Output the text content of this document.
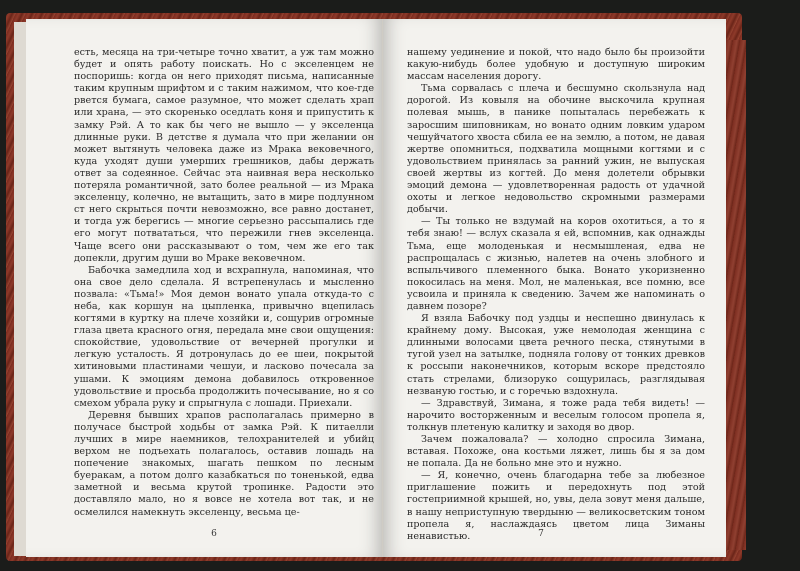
есть, месяца на три-четыре точно хватит, а уж там можно будет и опять работу поискать. Но с экселенцем не поспоришь: когда он него приходят письма, написанные таким крупным шрифтом и с таким нажимом, что кое-где рвется бумага, самое разумное, что может сделать храп или храна, — это скоренько оседлать коня и припустить к замку Рэй. А то как бы чего не вышло — у экселенца длинные руки. В детстве я думала что при желании он может вытянуть человека даже из Мрака вековечного, куда уходят души умерших грешников, дабы держать ответ за содеянное. Сейчас эта наивная вера несколько потеряла романтичной, зато более реальной — из Мрака экселенцу, колечно, не вытащить, зато в мире подлунном ст него скрыться почти невозможно, все равно достанет, и тогда уж берегись — многие серьезно рассыпались где его могут потвататься, что пережили гнев экселенца. Чаще всего они рассказывают о том, чем же его так допекли, другим души во Мраке вековечном.

Бабочка замедлила ход и всхрапнула, напоминая, что она свое дело сделала. Я встрепенулась и мысленно позвала: «Тьма!» Моя демон вонато упала откуда-то с неба, как коршун на цыпленка, привычно вцепилась когтями в куртку на плече хозяйки и, сощурив огромные глаза цвета красного огня, передала мне свои ощущения: спокойствие, удовольствие от вечерней прогулки и легкую усталость. Я дотронулась до ее шеи, покрытой хитиновыми пластинами чешуи, и ласково почесала за ушами. К эмоциям демона добавилось откровенное удовольствие и просьба продолжить почесывание, но я со смехом убрала руку и спрыгнула с лошади. Приехали.

Деревня бывших храпов располагалась примерно в получасе быстрой ходьбы от замка Рэй. К питаелли лучших в мире наемников, телохранителей и убийц верхом не подъехать полагалось, оставив лошадь на попечение знакомых, шагать пешком по лесным буеракам, а потом долго казабкаться по тоненькой, едва заметной и весьма крутой тропинке. Радости это доставляло мало, но я вовсе не хотела вот так, и не осмелился намекнуть экселенцу, весьма це-

6

нашему уединение и покой, что надо было бы произойти какую-нибудь более удобную и доступную широким массам населения дорогу.

Тьма сорвалась с плеча и бесшумно скользнула над дорогой. Из ковыля на обочине выскочила крупная полевая мышь, в панике попыталась перебежать к заросшим шиповникам, но вонато одним ловким ударом чешуйчатого хвоста сбила ее на землю, а потом, не давая жертве опомниться, подхватила мощными когтями и с удовольствием принялась за ранний ужин, не выпуская своей жертвы из когтей. До меня долетели обрывки эмоций демона — удовлетворенная радость от удачной охоты и легкое недовольство скромными размерами добычи.

— Ты только не вздумай на коров охотиться, а то я тебя знаю! — вслух сказала я ей, вспомнив, как однажды Тьма, еще молоденькая и несмышленая, едва не распрощалась с жизнью, налетев на очень злобного и вспыльчивого племенного быка. Вонато укоризненно покосилась на меня. Мол, не маленькая, все помню, все усвоила и приняла к сведению. Зачем же напоминать о давнем позоре?

Я взяла Бабочку под уздцы и неспешно двинулась к крайнему дому. Высокая, уже немолодая женщина с длинными волосами цвета речного песка, стянутыми в тугой узел на затылке, подняла голову от тонких древков к россыпи наконечников, которым вскоре предстояло стать стрелами, близоруко сощурилась, разглядывая незваную гостью, и с горечью вздохнула.

— Здравствуй, Зимана, я тоже рада тебя видеть! — нарочито восторженным и веселым голосом пропела я, толкнув плетеную калитку и заходя во двор.

Зачем пожаловала? — холодно спросила Зимана, вставая. Похоже, она костьми ляжет, лишь бы я за дом не попала. Да не больно мне это и нужно.

— Я, конечно, очень благодарна тебе за любезное приглашение пожить и передохнуть под этой гостеприимной крышей, но, увы, дела зовут меня дальше, в нашу неприступную твердыню — великосветским тоном пропела я, наслаждаясь цветом лица Зиманы ненавистью.	7
